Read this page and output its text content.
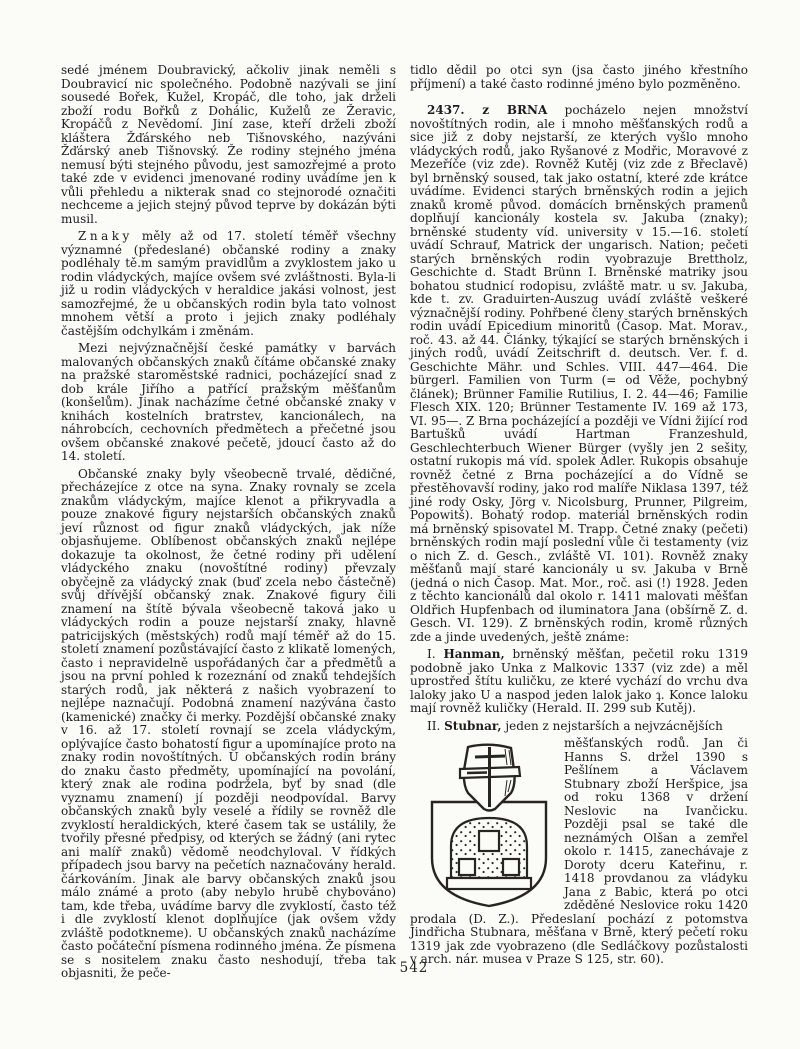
sedé jménem Doubravický, ačkoliv jinak neměli s Doubravicí nic společného. Podobně nazývali se jiní sousedé Bořek, Kužel, Kropáč, dle toho, jak drželi zboží rodu Bořků z Dohálic, Kuželů ze Žeravic, Kropáčů z Nevědomí. Jiní zase, kteří drželi zboží kláštera Žďárského neb Tišnovského, nazýváni Žďárský aneb Tišnovský. Že rodiny stejného jména nemusí býti stejného původu, jest samozřejmé a proto také zde v evidenci jmenované rodiny uvádíme jen k vůli přehledu a nikterak snad co stejnorodé označiti nechceme a jejich stejný původ teprve by dokázán býti musil.

Znaky měly až od 17. století téměř všechny významné (předeslané) občanské rodiny a znaky podléhaly tě.m samým pravidlům a zvyklostem jako u rodin vládyckých, majíce ovšem své zvláštnosti. Byla-li již u rodin vládyckých v heraldice jakási volnost, jest samozřejmé, že u občanských rodin byla tato volnost mnohem větší a proto i jejich znaky podléhaly častějším odchylkám i změnám.

Mezi nejvýznačnější české památky v barvách malovaných občanských znaků čítáme občanské znaky na pražské staroměstské radnici, pocházející snad z dob krále Jiřího a patřící pražským měšťanům (konšelům). Jinak nacházíme četné občanské znaky v knihách kostelních bratrstev, kancionálech, na náhrobcích, cechovních předmětech a přečetné jsou ovšem občanské znakové pečetě, jdoucí často až do 14. století.

Občanské znaky byly všeobecně trvalé, dědičné, přecházejíce z otce na syna. Znaky rovnaly se zcela znakům vládyckým, majíce klenot a přikryvadla a pouze znakové figury nejstarších občanských znaků jeví různost od figur znaků vládyckých, jak níže objasňujeme. Oblíbenost občanských znaků nejlépe dokazuje ta okolnost, že četné rodiny při udělení vládyckého znaku (novoštítné rodiny) převzaly obyčejně za vládycký znak (buď zcela nebo částečně) svůj dřívější občanský znak. Znakové figury čili znamení na štítě bývala všeobecně taková jako u vládyckých rodin a pouze nejstarší znaky, hlavně patricijských (městských) rodů mají téměř až do 15. století znamení pozůstávající často z klikatě lomených, často i nepravidelně uspořádaných čar a předmětů a jsou na první pohled k rozeznání od znaků tehdejších starých rodů, jak některá z našich vyobrazení to nejlépe naznačují. Podobná znamení nazývána často (kamenické) značky či merky. Pozdější občanské znaky v 16. až 17. století rovnají se zcela vládyckým, oplývajíce často bohatostí figur a upomínajíce proto na znaky rodin novoštítných. U občanských rodin brány do znaku často předměty, upomínající na povolání, který znak ale rodina podržela, byť by snad (dle vyznamu znamení) jí později neodpovídal. Barvy občanských znaků byly veselé a řídily se rovněž dle zvyklostí heraldických, které časem tak se ustálily, že tvořily přesné předpisy, od kterých se žádný (ani rytec ani malíř znaků) vědomě neodchyloval. V řídkých případech jsou barvy na pečetích naznačovány herald. čárkováním. Jinak ale barvy občanských znaků jsou málo známé a proto (aby nebylo hrubě chybováno) tam, kde třeba, uvádíme barvy dle zvyklostí, často též i dle zvyklostí klenot doplňujíce (jak ovšem vždy zvláště podotkneme). U občanských znaků nacházíme často počáteční písmena rodinného jména. Že písmena se s nositelem znaku často neshodují, třeba tak objasniti, že peče-

tidlo dědil po otci syn (jsa často jiného křestního příjmení) a také často rodinné jméno bylo pozměněno.

2437. z BRNA pocházelo nejen množství novoštítných rodin, ale i mnoho měšťanských rodů a sice již z doby nejstarší, ze kterých vyšlo mnoho vládyckých rodů, jako Ryšanové z Modřic, Moravové z Mezeříče (viz zde). Rovněž Kutěj (viz zde z Břeclavě) byl brněnský soused, tak jako ostatní, které zde krátce uvádíme. Evidenci starých brněnských rodin a jejich znaků kromě původ. domácích brněnských pramenů doplňují kancionály kostela sv. Jakuba (znaky); brněnské studenty víd. university v 15.—16. století uvádí Schrauf, Matrick der ungarisch. Nation; pečeti starých brněnských rodin vyobrazuje Brettholz, Geschichte d. Stadt Brünn I. Brněnské matriky jsou bohatou studnicí rodopisu, zvláště matr. u sv. Jakuba, kde t. zv. Graduirten-Auszug uvádí zvláště veškeré význačnější rodiny. Pohřbené členy starých brněnských rodin uvádí Epicedium minoritů (Časop. Mat. Morav., roč. 43. až 44. Články, týkající se starých brněnských i jiných rodů, uvádí Zeitschrift d. deutsch. Ver. f. d. Geschichte Mähr. und Schles. VIII. 447—464. Die bürgerl. Familien von Turm (= od Věže, pochybný článek); Brünner Familie Rutilius, I. 2. 44—46; Familie Flesch XIX. 120; Brünner Testamente IV. 169 až 173, VI. 95—. Z Brna pocházející a později ve Vídni žijící rod Bartušků uvádí Hartman Franzeshuld, Geschlechterbuch Wiener Bürger (vyšly jen 2 sešity, ostatní rukopis má víd. spolek Adler. Rukopis obsahuje rovněž četné z Brna pocházející a do Vídně se přestěhovavší rodiny, jako rod malíře Niklasa 1397, též jiné rody Osky, Jörg v. Nicolsburg, Prunner, Pilgreim, Popowitš). Bohatý rodop. materiál brněnských rodin má brněnský spisovatel M. Trapp. Četné znaky (pečeti) brněnských rodin mají poslední vůle či testamenty (viz o nich Z. d. Gesch., zvláště VI. 101). Rovněž znaky měšťanů mají staré kancionály u sv. Jakuba v Brně (jedná o nich Časop. Mat. Mor., roč. asi (!) 1928. Jeden z těchto kancionálů dal okolo r. 1411 malovati měšťan Oldřich Hupfenbach od iluminatora Jana (obšírně Z. d. Gesch. VI. 129). Z brněnských rodin, kromě různých zde a jinde uvedených, ještě známe:

I. Hanman, brněnský měšťan, pečetil roku 1319 podobně jako Unka z Malkovic 1337 (viz zde) a měl uprostřed štítu kuličku, ze které vychází do vrchu dva laloky jako U a naspod jeden lalok jako ʇ. Konce laloku mají rovněž kuličky (Herald. II. 299 sub Kutěj).

II. Stubnar, jeden z nejstarších a nejvzácnějších

měšťanských rodů. Jan či Hanns S. držel 1390 s Pešlínem a Václavem Stubnary zboží Heršpice, jsa od roku 1368 v držení Neslovic na Ivančicku. Později psal se také dle neznámých Olšan a zemřel okolo r. 1415, zanechávaje z Doroty dceru Kateřinu, r. 1418 provdanou za vládyku Jana z Babic, která po otci zděděné Neslovice roku 1420 prodala (D. Z.). Předeslaní pochází z potomstva Jindřicha Stubnara, měšťana v Brně, který pečetí roku 1319 jak zde vyobrazeno (dle Sedláčkovy pozůstalosti v arch. nár. musea v Praze S 125, str. 60).

542
